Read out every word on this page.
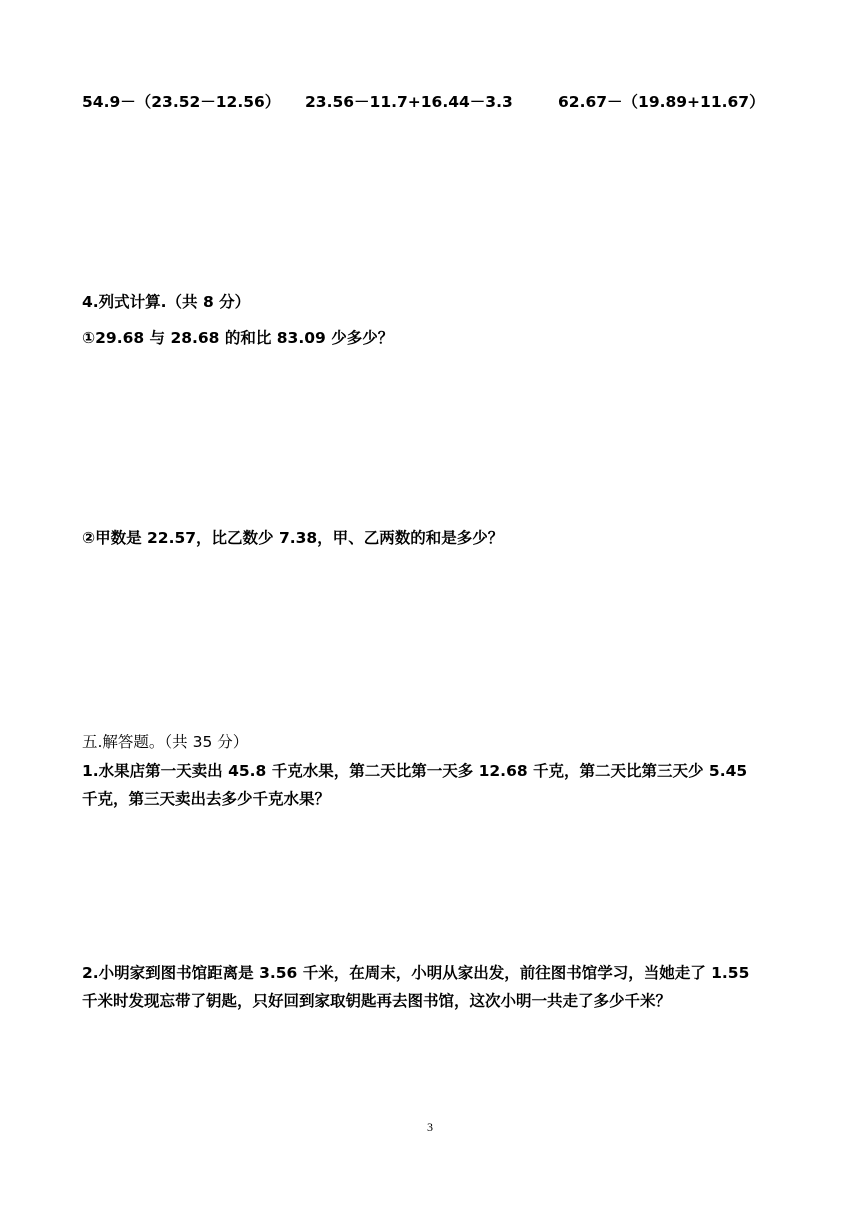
54.9－（23.52－12.56） 23.56－11.7+16.44－3.3	62.67－（19.89+11.67）
4.列式计算.（共 8 分）
①29.68 与 28.68 的和比 83.09 少多少？
②甲数是 22.57，比乙数少 7.38，甲、乙两数的和是多少？
五.解答题。（共 35 分）
1.水果店第一天卖出 45.8 千克水果，第二天比第一天多 12.68 千克，第二天比第三天少 5.45
千克，第三天卖出去多少千克水果？
2.小明家到图书馆距离是 3.56 千米，在周末，小明从家出发，前往图书馆学习，当她走了 1.55
千米时发现忘带了钥匙，只好回到家取钥匙再去图书馆，这次小明一共走了多少千米？
3
